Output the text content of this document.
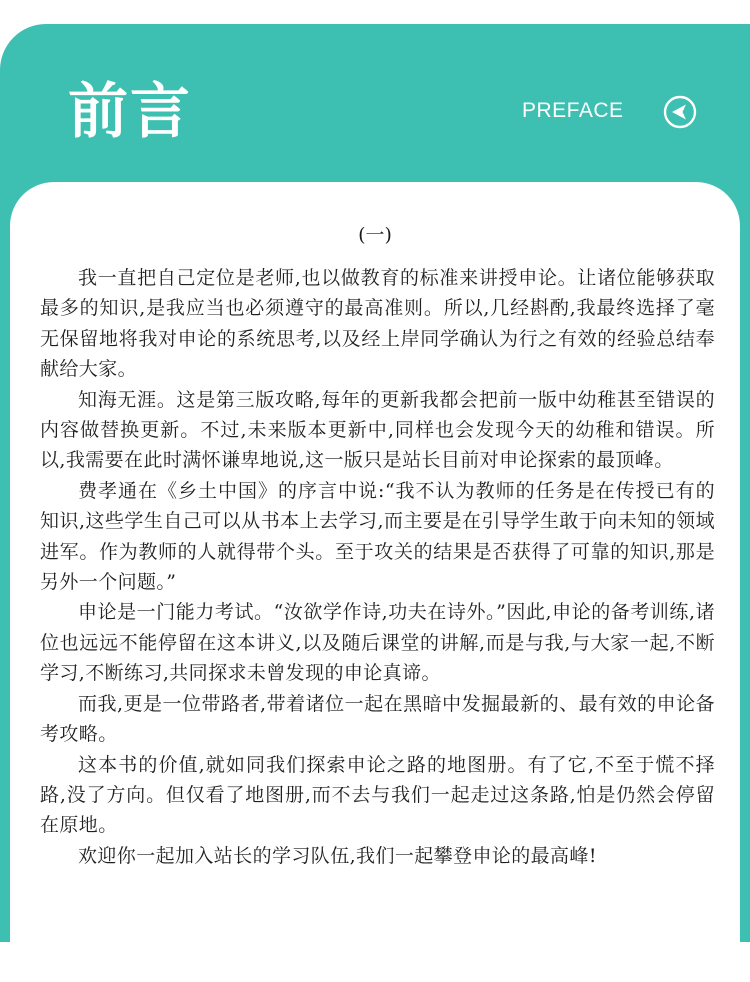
前言	PREFACE
(一)

我一直把自己定位是老师,也以做教育的标准来讲授申论。让诸位能够获取最多的知识,是我应当也必须遵守的最高准则。所以,几经斟酌,我最终选择了毫无保留地将我对申论的系统思考,以及经上岸同学确认为行之有效的经验总结奉献给大家。

知海无涯。这是第三版攻略,每年的更新我都会把前一版中幼稚甚至错误的内容做替换更新。不过,未来版本更新中,同样也会发现今天的幼稚和错误。所以,我需要在此时满怀谦卑地说,这一版只是站长目前对申论探索的最顶峰。

费孝通在《乡土中国》的序言中说:“我不认为教师的任务是在传授已有的知识,这些学生自己可以从书本上去学习,而主要是在引导学生敢于向未知的领域进军。作为教师的人就得带个头。至于攻关的结果是否获得了可靠的知识,那是另外一个问题。”

申论是一门能力考试。“汝欲学作诗,功夫在诗外。”因此,申论的备考训练,诸位也远远不能停留在这本讲义,以及随后课堂的讲解,而是与我,与大家一起,不断学习,不断练习,共同探求未曾发现的申论真谛。

而我,更是一位带路者,带着诸位一起在黑暗中发掘最新的、最有效的申论备考攻略。

这本书的价值,就如同我们探索申论之路的地图册。有了它,不至于慌不择路,没了方向。但仅看了地图册,而不去与我们一起走过这条路,怕是仍然会停留在原地。

欢迎你一起加入站长的学习队伍,我们一起攀登申论的最高峰!
